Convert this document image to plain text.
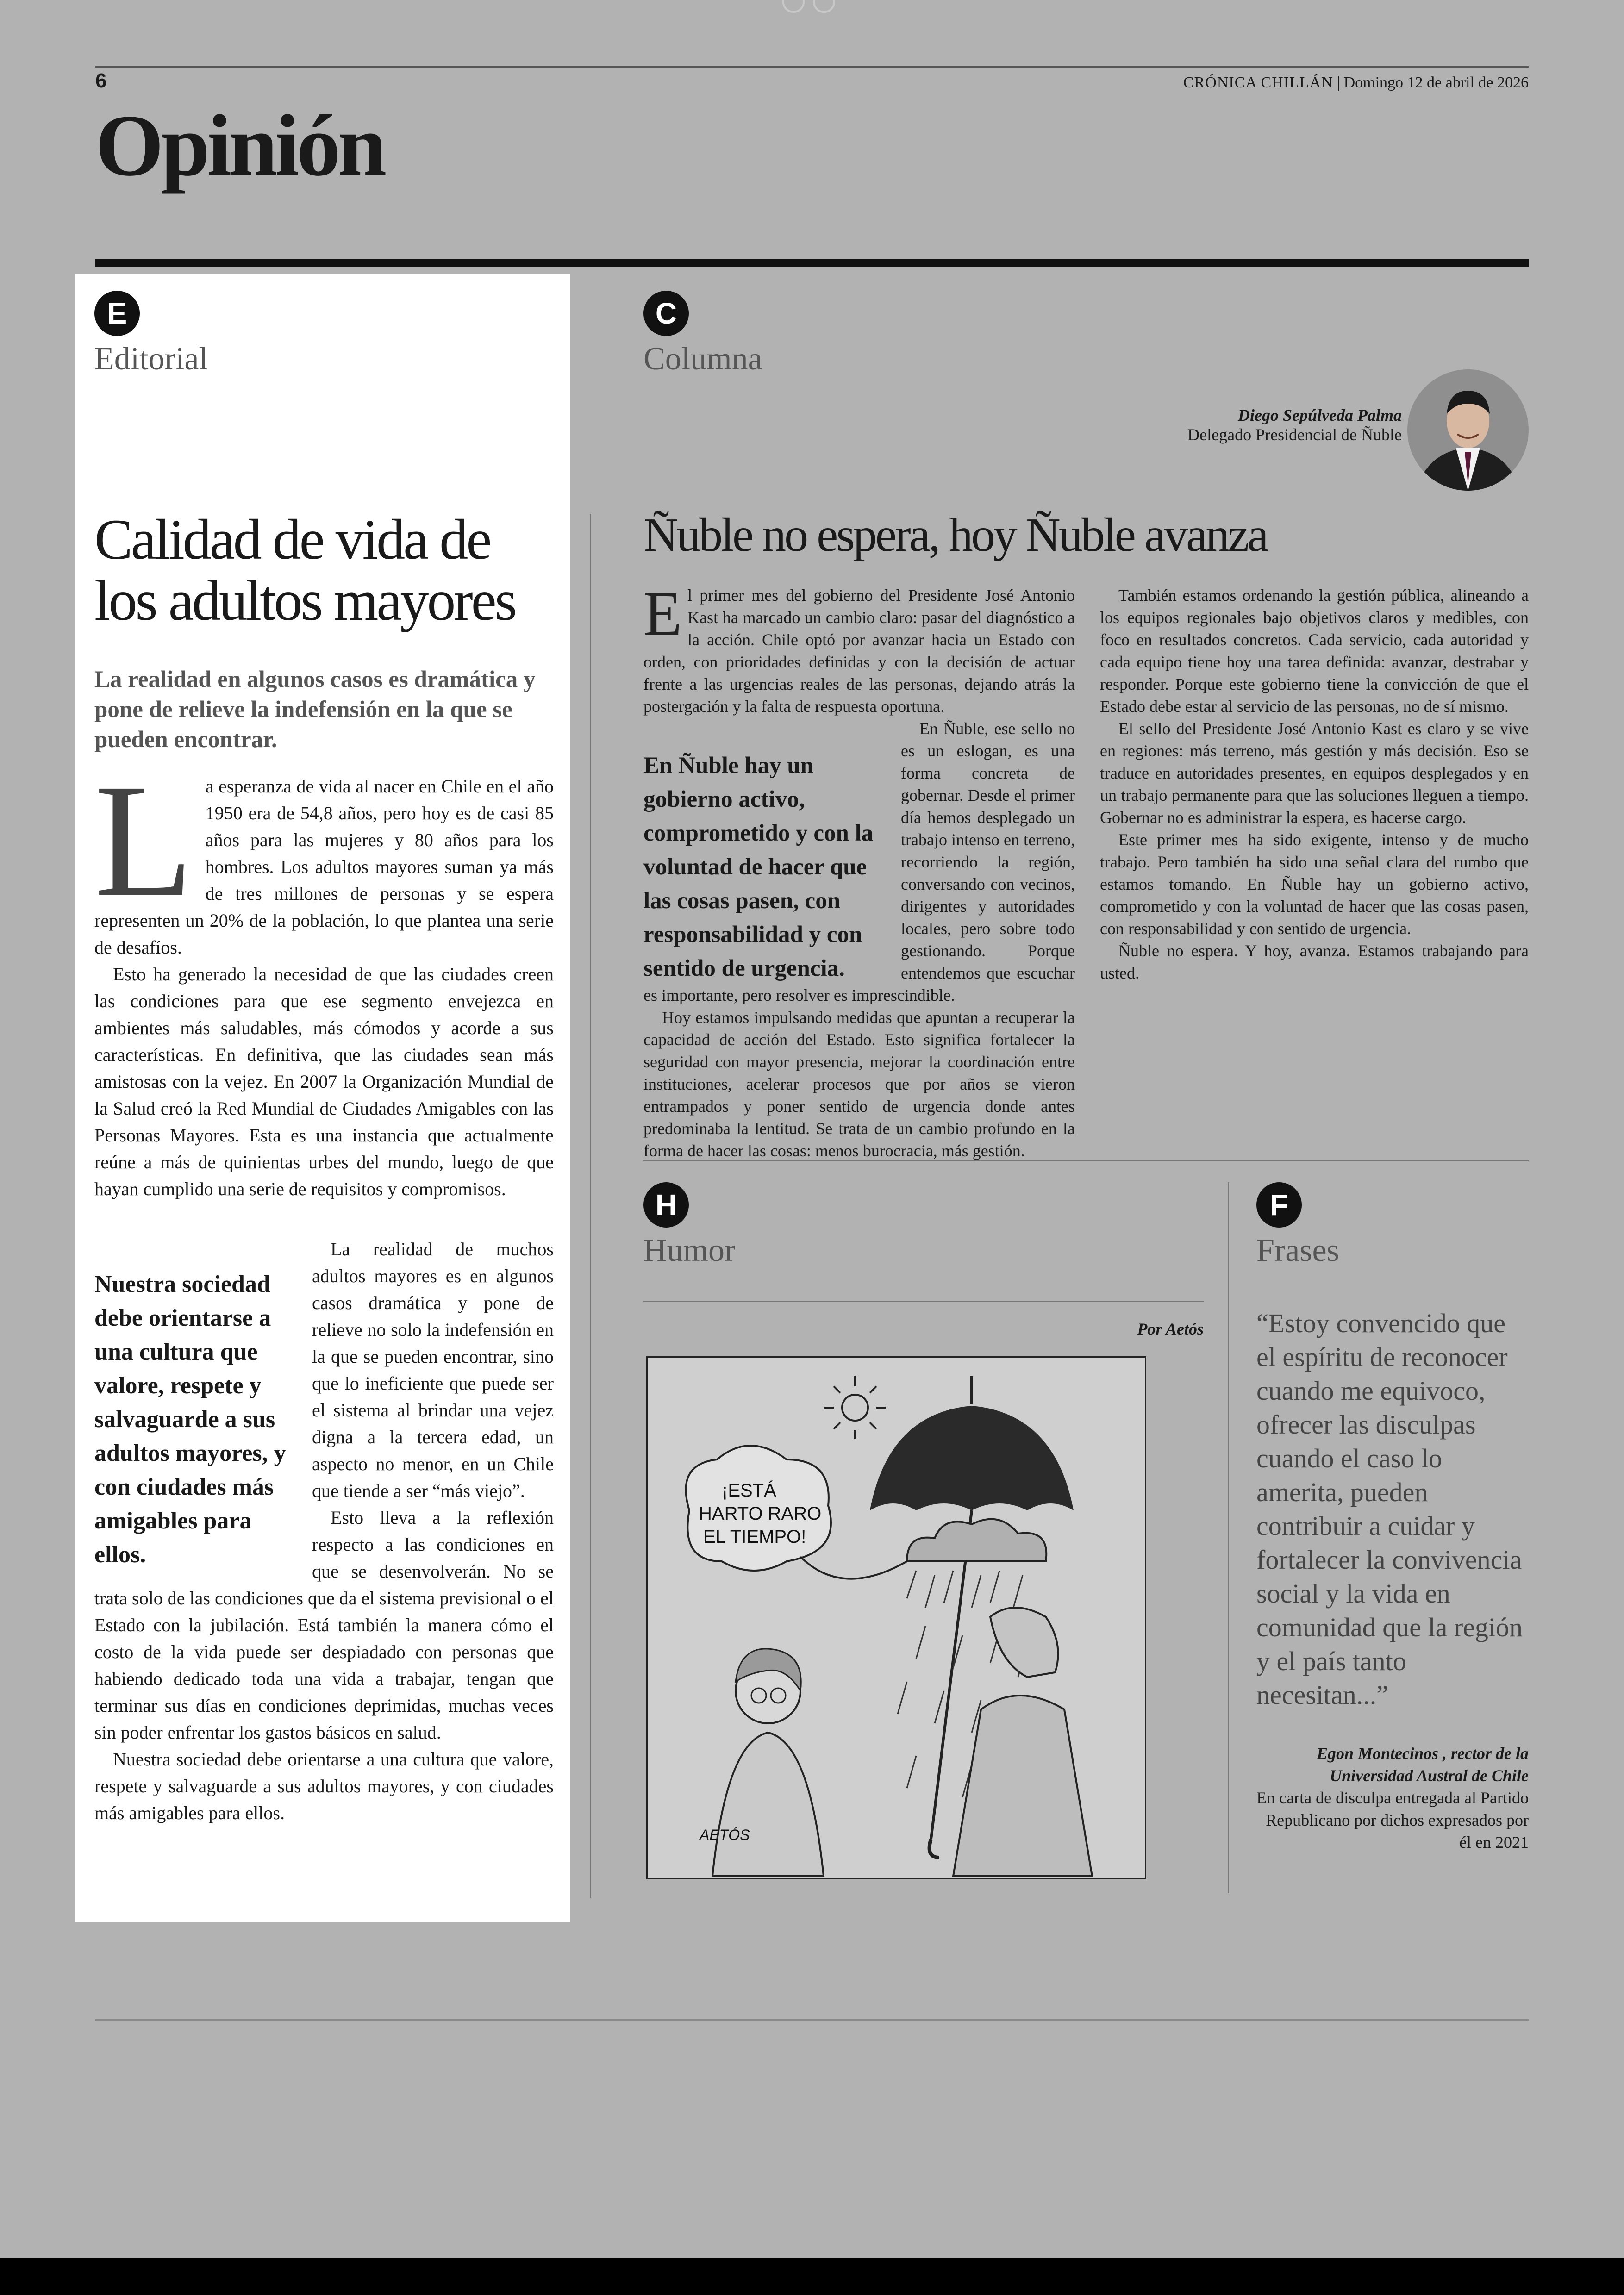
6	CRÓNICA CHILLÁN | Domingo 12 de abril de 2026
Opinión
E
Editorial
Calidad de vida de los adultos mayores
La realidad en algunos casos es dramática y pone de relieve la indefensión en la que se pueden encontrar.

La esperanza de vida al nacer en Chile en el año 1950 era de 54,8 años, pero hoy es de casi 85 años para las mujeres y 80 años para los hombres. Los adultos mayores suman ya más de tres millones de personas y se espera representen un 20% de la población, lo que plantea una serie de desafíos.

Esto ha generado la necesidad de que las ciudades creen las condiciones para que ese segmento envejezca en ambientes más saludables, más cómodos y acorde a sus características. En definitiva, que las ciudades sean más amistosas con la vejez. En 2007 la Organización Mundial de la Salud creó la Red Mundial de Ciudades Amigables con las Personas Mayores. Esta es una instancia que actualmente reúne a más de quinientas urbes del mundo, luego de que hayan cumplido una serie de requisitos y compromisos.

Nuestra sociedad debe orientarse a una cultura que valore, respete y salvaguarde a sus adultos mayores, y con ciudades más amigables para ellos.

La realidad de muchos adultos mayores es en algunos casos dramática y pone de relieve no solo la indefensión en la que se pueden encontrar, sino que lo ineficiente que puede ser el sistema al brindar una vejez digna a la tercera edad, un aspecto no menor, en un Chile que tiende a ser “más viejo”.

Esto lleva a la reflexión respecto a las condiciones en que se desenvolverán. No se trata solo de las condiciones que da el sistema previsional o el Estado con la jubilación. Está también la manera cómo el costo de la vida puede ser despiadado con personas que habiendo dedicado toda una vida a trabajar, tengan que terminar sus días en condiciones deprimidas, muchas veces sin poder enfrentar los gastos básicos en salud.

Nuestra sociedad debe orientarse a una cultura que valore, respete y salvaguarde a sus adultos mayores, y con ciudades más amigables para ellos.

C
Columna
Diego Sepúlveda Palma
Delegado Presidencial de Ñuble
Ñuble no espera, hoy Ñuble avanza

El primer mes del gobierno del Presidente José Antonio Kast ha marcado un cambio claro: pasar del diagnóstico a la acción. Chile optó por avanzar hacia un Estado con orden, con prioridades definidas y con la decisión de actuar frente a las urgencias reales de las personas, dejando atrás la postergación y la falta de respuesta oportuna.

En Ñuble, ese sello no es un eslogan, es una forma concreta de gobernar. Desde el primer día hemos desplegado un trabajo intenso en terreno, recorriendo la región, conversando con vecinos, dirigentes y autoridades locales, pero sobre todo gestionando. Porque entendemos que escuchar es importante, pero resolver es imprescindible.

Hoy estamos impulsando medidas que apuntan a recuperar la capacidad de acción del Estado. Esto significa fortalecer la seguridad con mayor presencia, mejorar la coordinación entre instituciones, acelerar procesos que por años se vieron entrampados y poner sentido de urgencia donde antes predominaba la lentitud. Se trata de un cambio profundo en la forma de hacer las cosas: menos burocracia, más gestión.

En Ñuble hay un gobierno activo, comprometido y con la voluntad de hacer que las cosas pasen, con responsabilidad y con sentido de urgencia.

También estamos ordenando la gestión pública, alineando a los equipos regionales bajo objetivos claros y medibles, con foco en resultados concretos. Cada servicio, cada autoridad y cada equipo tiene hoy una tarea definida: avanzar, destrabar y responder. Porque este gobierno tiene la convicción de que el Estado debe estar al servicio de las personas, no de sí mismo.

El sello del Presidente José Antonio Kast es claro y se vive en regiones: más terreno, más gestión y más decisión. Eso se traduce en autoridades presentes, en equipos desplegados y en un trabajo permanente para que las soluciones lleguen a tiempo. Gobernar no es administrar la espera, es hacerse cargo.

Este primer mes ha sido exigente, intenso y de mucho trabajo. Pero también ha sido una señal clara del rumbo que estamos tomando. En Ñuble hay un gobierno activo, comprometido y con la voluntad de hacer que las cosas pasen, con responsabilidad y con sentido de urgencia.

Ñuble no espera. Y hoy, avanza. Estamos trabajando para usted.

H
Humor
Por Aetós
¡ESTÁ
HARTO RARO
EL TIEMPO!
AETÓS
F
Frases
“Estoy convencido que el espíritu de reconocer cuando me equivoco, ofrecer las disculpas cuando el caso lo amerita, pueden contribuir a cuidar y fortalecer la convivencia social y la vida en comunidad que la región y el país tanto necesitan...”
Egon Montecinos , rector de la Universidad Austral de Chile
En carta de disculpa entregada al Partido Republicano por dichos expresados por él en 2021
